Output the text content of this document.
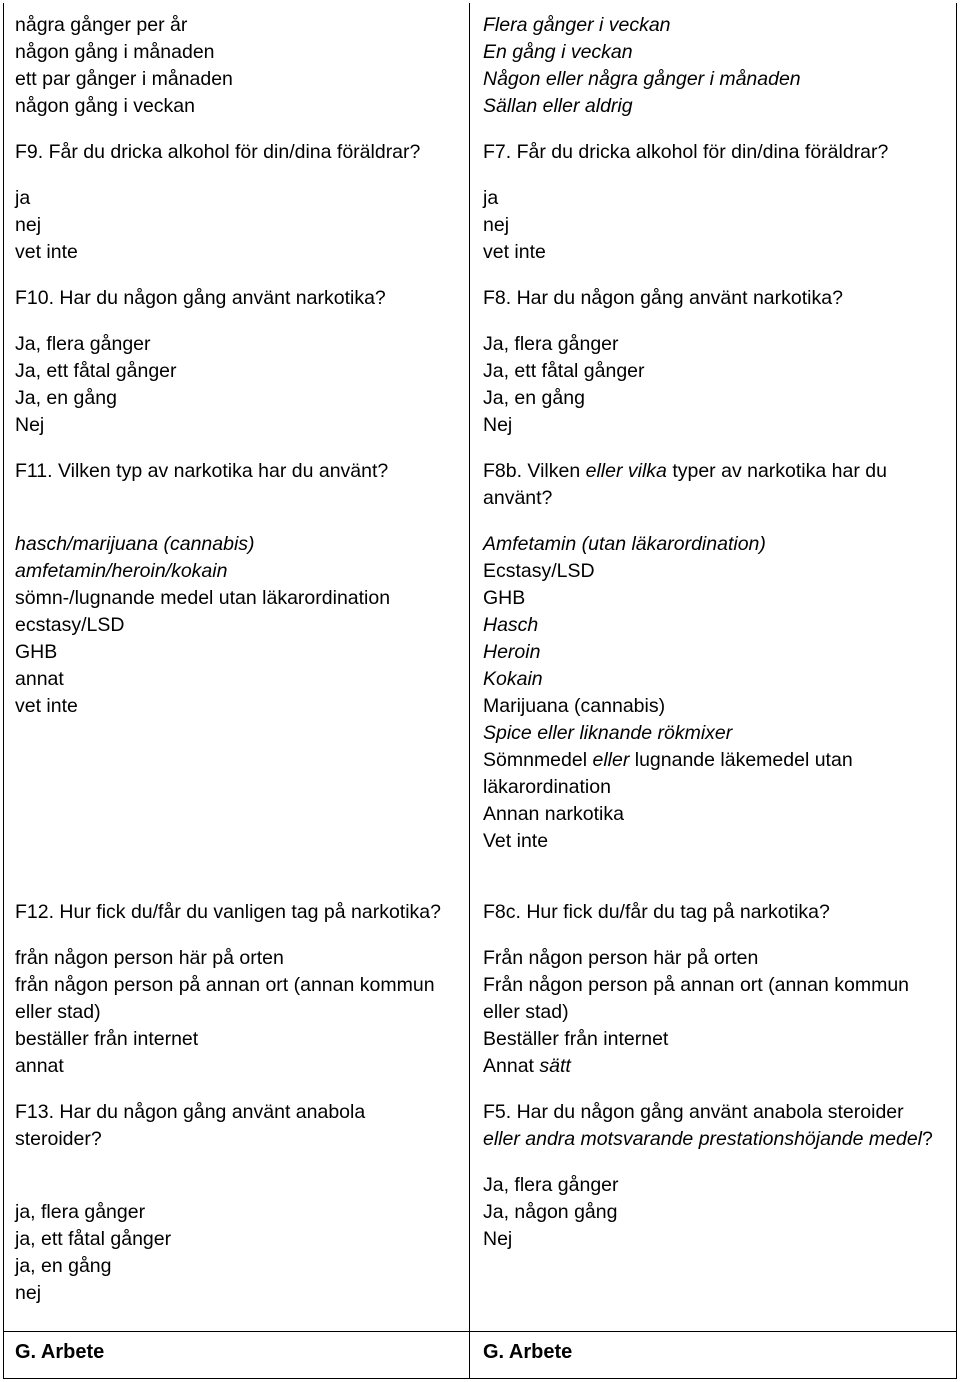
några gånger per år
någon gång i månaden
ett par gånger i månaden
någon gång i veckan
F9. Får du dricka alkohol för din/dina föräldrar?
ja
nej
vet inte
F10. Har du någon gång använt narkotika?
Ja, flera gånger
Ja, ett fåtal gånger
Ja, en gång
Nej
F11. Vilken typ av narkotika har du använt?
hasch/marijuana (cannabis)
amfetamin/heroin/kokain
sömn-/lugnande medel utan läkarordination
ecstasy/LSD
GHB
annat
vet inte
F12. Hur fick du/får du vanligen tag på narkotika?
från någon person här på orten
från någon person på annan ort (annan kommun eller stad)
beställer från internet
annat
F13. Har du någon gång använt anabola steroider?
ja, flera gånger
ja, ett fåtal gånger
ja, en gång
nej
G. Arbete
Flera gånger i veckan
En gång i veckan
Någon eller några gånger i månaden
Sällan eller aldrig
F7. Får du dricka alkohol för din/dina föräldrar?
ja
nej
vet inte
F8. Har du någon gång använt narkotika?
Ja, flera gånger
Ja, ett fåtal gånger
Ja, en gång
Nej
F8b. Vilken eller vilka typer av narkotika har du använt?
Amfetamin (utan läkarordination)
Ecstasy/LSD
GHB
Hasch
Heroin
Kokain
Marijuana (cannabis)
Spice eller liknande rökmixer
Sömnmedel eller lugnande läkemedel utan läkarordination
Annan narkotika
Vet inte
F8c. Hur fick du/får du tag på narkotika?
Från någon person här på orten
Från någon person på annan ort (annan kommun eller stad)
Beställer från internet
Annat sätt
F5. Har du någon gång använt anabola steroider eller andra motsvarande prestationshöjande medel?
Ja, flera gånger
Ja, någon gång
Nej
G. Arbete
